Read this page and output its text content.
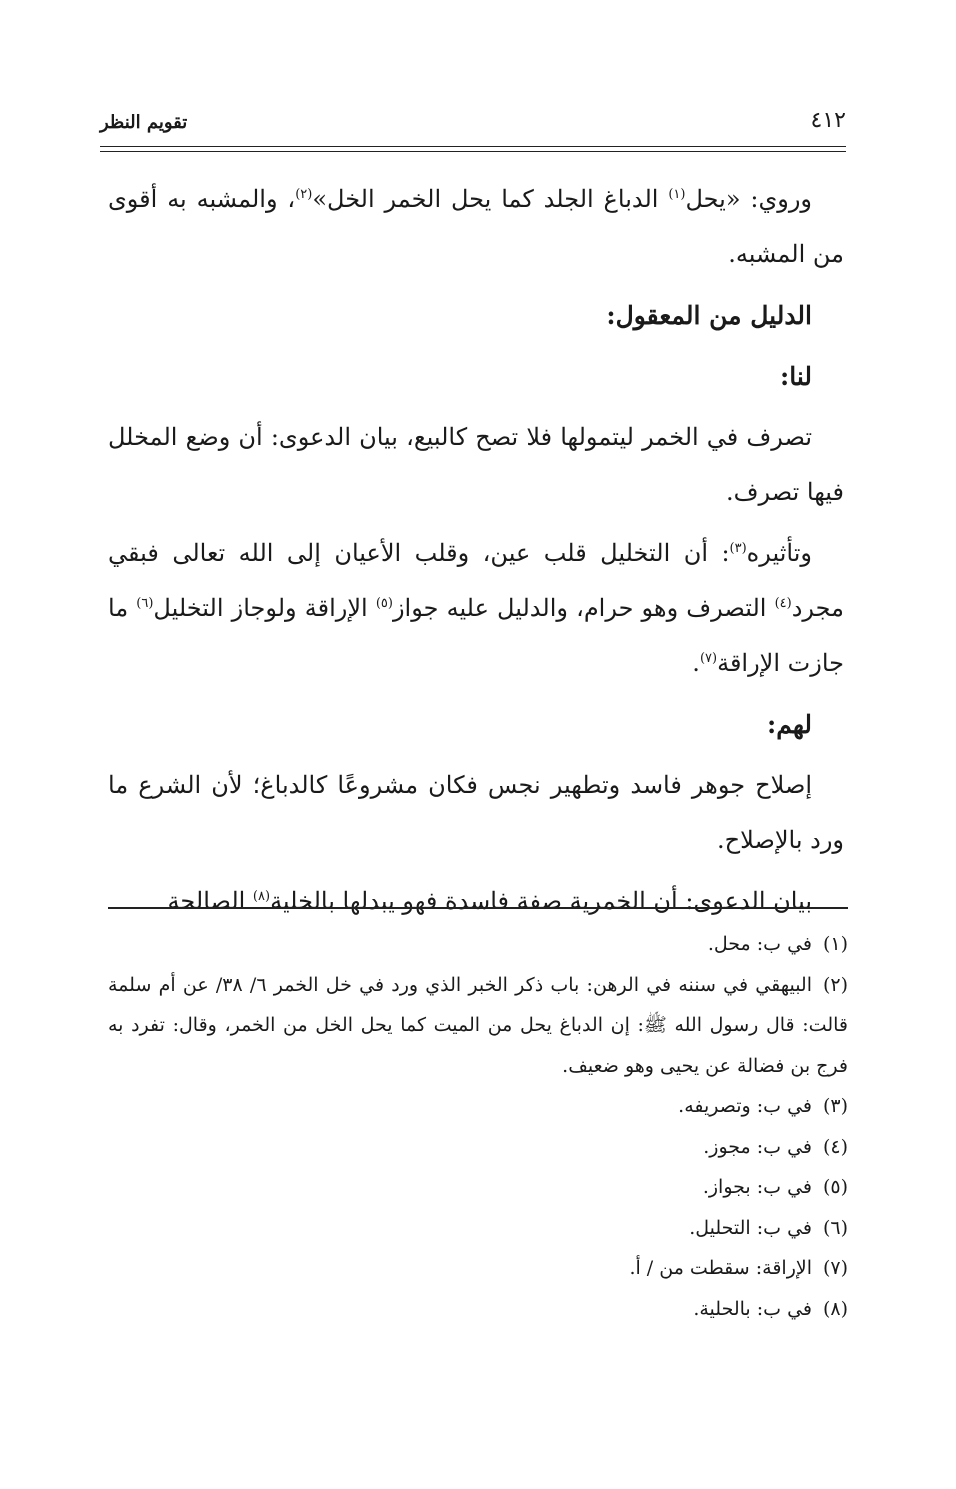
٤١٢
تقويم النظر

وروي: «يحل$^{(١)}$ الدباغ الجلد كما يحل الخمر الخل»$^{(٢)}$، والمشبه به أقوى من المشبه.

الدليل من المعقول:

لنا:

تصرف في الخمر ليتمولها فلا تصح كالبيع، بيان الدعوى: أن وضع المخلل فيها تصرف.

وتأثيره$^{(٣)}$: أن التخليل قلب عين، وقلب الأعيان إلى الله تعالى فبقي مجرد$^{(٤)}$ التصرف وهو حرام، والدليل عليه جواز$^{(٥)}$ الإراقة ولوجاز التخليل$^{(٦)}$ ما جازت الإراقة$^{(٧)}$.

لهم:

إصلاح جوهر فاسد وتطهير نجس فكان مشروعًا كالدباغ؛ لأن الشرع ما ورد بالإصلاح.

بيان الدعوى: أن الخمرية صفة فاسدة فهو يبدلها بالخلية$^{(٨)}$ الصالحة

(١)في ب: محل.

(٢)البيهقي في سننه في الرهن: باب ذكر الخبر الذي ورد في خل الخمر ٦/ ٣٨/ عن أم سلمة قالت: قال رسول الله ﷺ: إن الدباغ يحل من الميت كما يحل الخل من الخمر، وقال: تفرد به فرج بن فضالة عن يحيى وهو ضعيف.

(٣)في ب: وتصريفه.

(٤)في ب: مجوز.

(٥)في ب: بجواز.

(٦)في ب: التحليل.

(٧)الإراقة: سقطت من / أ.

(٨)في ب: بالحلية.
